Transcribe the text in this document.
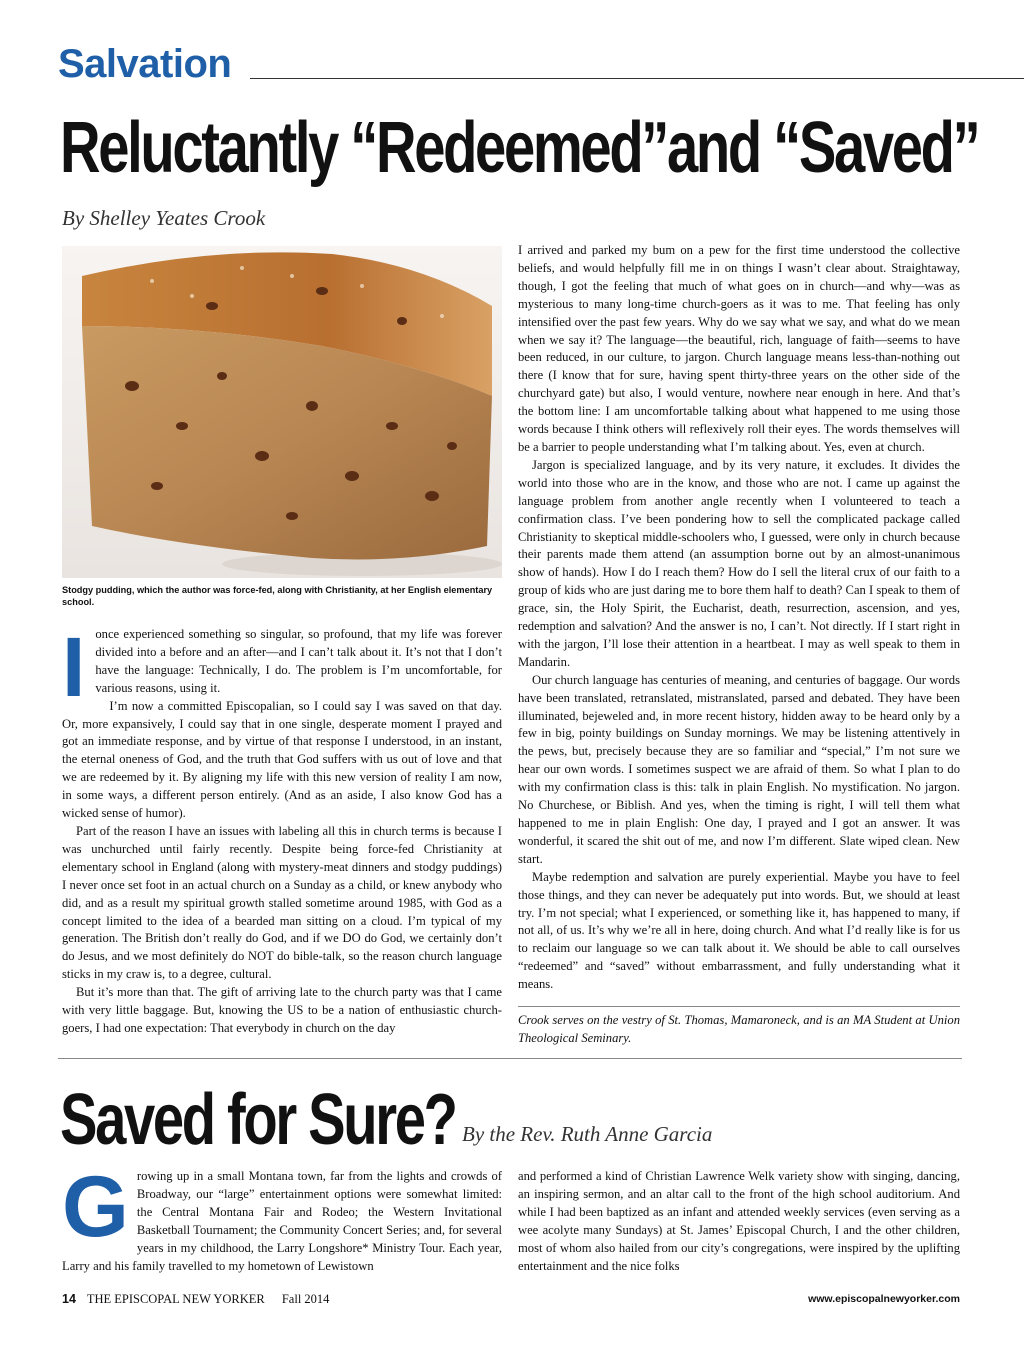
Salvation
Reluctantly “Redeemed”and “Saved”
By Shelley Yeates Crook
Stodgy pudding, which the author was force-fed, along with Christianity, at her English elementary school.
I once experienced something so singular, so profound, that my life was forever divided into a before and an after—and I can’t talk about it. It’s not that I don’t have the language: Technically, I do. The problem is I’m uncomfortable, for various reasons, using it.

I’m now a committed Episcopalian, so I could say I was saved on that day. Or, more expansively, I could say that in one single, desperate moment I prayed and got an immediate response, and by virtue of that response I understood, in an instant, the eternal oneness of God, and the truth that God suffers with us out of love and that we are redeemed by it. By aligning my life with this new version of reality I am now, in some ways, a different person entirely. (And as an aside, I also know God has a wicked sense of humor).

Part of the reason I have an issues with labeling all this in church terms is because I was unchurched until fairly recently. Despite being force-fed Christianity at elementary school in England (along with mystery-meat dinners and stodgy puddings) I never once set foot in an actual church on a Sunday as a child, or knew anybody who did, and as a result my spiritual growth stalled sometime around 1985, with God as a concept limited to the idea of a bearded man sitting on a cloud. I’m typical of my generation. The British don’t really do God, and if we DO do God, we certainly don’t do Jesus, and we most definitely do NOT do bible-talk, so the reason church language sticks in my craw is, to a degree, cultural.

But it’s more than that. The gift of arriving late to the church party was that I came with very little baggage. But, knowing the US to be a nation of enthusiastic church-goers, I had one expectation: That everybody in church on the day

I arrived and parked my bum on a pew for the first time understood the collective beliefs, and would helpfully fill me in on things I wasn’t clear about. Straightaway, though, I got the feeling that much of what goes on in church—and why—was as mysterious to many long-time church-goers as it was to me. That feeling has only intensified over the past few years. Why do we say what we say, and what do we mean when we say it? The language—the beautiful, rich, language of faith—seems to have been reduced, in our culture, to jargon. Church language means less-than-nothing out there (I know that for sure, having spent thirty-three years on the other side of the churchyard gate) but also, I would venture, nowhere near enough in here. And that’s the bottom line: I am uncomfortable talking about what happened to me using those words because I think others will reflexively roll their eyes. The words themselves will be a barrier to people understanding what I’m talking about. Yes, even at church.

Jargon is specialized language, and by its very nature, it excludes. It divides the world into those who are in the know, and those who are not. I came up against the language problem from another angle recently when I volunteered to teach a confirmation class. I’ve been pondering how to sell the complicated package called Christianity to skeptical middle-schoolers who, I guessed, were only in church because their parents made them attend (an assumption borne out by an almost-unanimous show of hands). How I do I reach them? How do I sell the literal crux of our faith to a group of kids who are just daring me to bore them half to death? Can I speak to them of grace, sin, the Holy Spirit, the Eucharist, death, resurrection, ascension, and yes, redemption and salvation? And the answer is no, I can’t. Not directly. If I start right in with the jargon, I’ll lose their attention in a heartbeat. I may as well speak to them in Mandarin.

Our church language has centuries of meaning, and centuries of baggage. Our words have been translated, retranslated, mistranslated, parsed and debated. They have been illuminated, bejeweled and, in more recent history, hidden away to be heard only by a few in big, pointy buildings on Sunday mornings. We may be listening attentively in the pews, but, precisely because they are so familiar and “special,” I’m not sure we hear our own words. I sometimes suspect we are afraid of them. So what I plan to do with my confirmation class is this: talk in plain English. No mystification. No jargon. No Churchese, or Biblish. And yes, when the timing is right, I will tell them what happened to me in plain English: One day, I prayed and I got an answer. It was wonderful, it scared the shit out of me, and now I’m different. Slate wiped clean. New start.

Maybe redemption and salvation are purely experiential. Maybe you have to feel those things, and they can never be adequately put into words. But, we should at least try. I’m not special; what I experienced, or something like it, has happened to many, if not all, of us. It’s why we’re all in here, doing church. And what I’d really like is for us to reclaim our language so we can talk about it. We should be able to call ourselves “redeemed” and “saved” without embarrassment, and fully understanding what it means.

Crook serves on the vestry of St. Thomas, Mamaroneck, and is an MA Student at Union Theological Seminary.
Saved for Sure? By the Rev. Ruth Anne Garcia
G rowing up in a small Montana town, far from the lights and crowds of Broadway, our “large” entertainment options were somewhat limited: the Central Montana Fair and Rodeo; the Western Invitational Basketball Tournament; the Community Concert Series; and, for several years in my childhood, the Larry Longshore* Ministry Tour. Each year, Larry and his family travelled to my hometown of Lewistown

and performed a kind of Christian Lawrence Welk variety show with singing, dancing, an inspiring sermon, and an altar call to the front of the high school auditorium. And while I had been baptized as an infant and attended weekly services (even serving as a wee acolyte many Sundays) at St. James’ Episcopal Church, I and the other children, most of whom also hailed from our city’s congregations, were inspired by the uplifting entertainment and the nice folks

14 THE EPISCOPAL NEW YORKER Fall 2014	www.episcopalnewyorker.com
